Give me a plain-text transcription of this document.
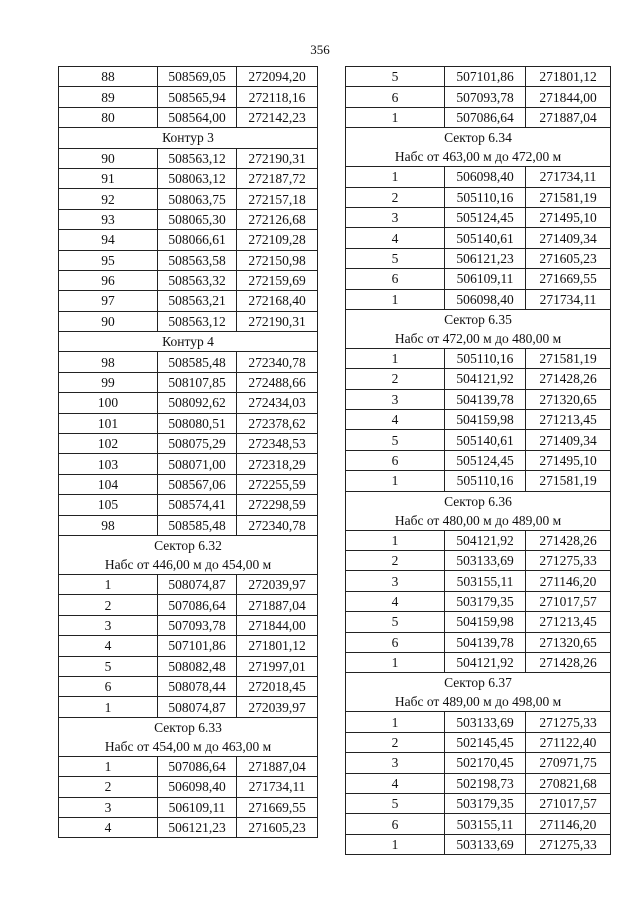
356
88	508569,05	272094,20
89	508565,94	272118,16
80	508564,00	272142,23
Контур 3		
90	508563,12	272190,31
91	508063,12	272187,72
92	508063,75	272157,18
93	508065,30	272126,68
94	508066,61	272109,28
95	508563,58	272150,98
96	508563,32	272159,69
97	508563,21	272168,40
90	508563,12	272190,31
Контур 4		
98	508585,48	272340,78
99	508107,85	272488,66
100	508092,62	272434,03
101	508080,51	272378,62
102	508075,29	272348,53
103	508071,00	272318,29
104	508567,06	272255,59
105	508574,41	272298,59
98	508585,48	272340,78

Сектор 6.32
Набс от 446,00 м до 454,00 м		

1	508074,87	272039,97
2	507086,64	271887,04
3	507093,78	271844,00
4	507101,86	271801,12
5	508082,48	271997,01
6	508078,44	272018,45
1	508074,87	272039,97

Сектор 6.33
Набс от 454,00 м до 463,00 м		

1	507086,64	271887,04
2	506098,40	271734,11
3	506109,11	271669,55
4	506121,23	271605,23
5	507101,86	271801,12
6	507093,78	271844,00
1	507086,64	271887,04

Сектор 6.34
Набс от 463,00 м до 472,00 м		

1	506098,40	271734,11
2	505110,16	271581,19
3	505124,45	271495,10
4	505140,61	271409,34
5	506121,23	271605,23
6	506109,11	271669,55
1	506098,40	271734,11

Сектор 6.35
Набс от 472,00 м до 480,00 м		

1	505110,16	271581,19
2	504121,92	271428,26
3	504139,78	271320,65
4	504159,98	271213,45
5	505140,61	271409,34
6	505124,45	271495,10
1	505110,16	271581,19

Сектор 6.36
Набс от 480,00 м до 489,00 м		

1	504121,92	271428,26
2	503133,69	271275,33
3	503155,11	271146,20
4	503179,35	271017,57
5	504159,98	271213,45
6	504139,78	271320,65
1	504121,92	271428,26

Сектор 6.37
Набс от 489,00 м до 498,00 м		

1	503133,69	271275,33
2	502145,45	271122,40
3	502170,45	270971,75
4	502198,73	270821,68
5	503179,35	271017,57
6	503155,11	271146,20
1	503133,69	271275,33
